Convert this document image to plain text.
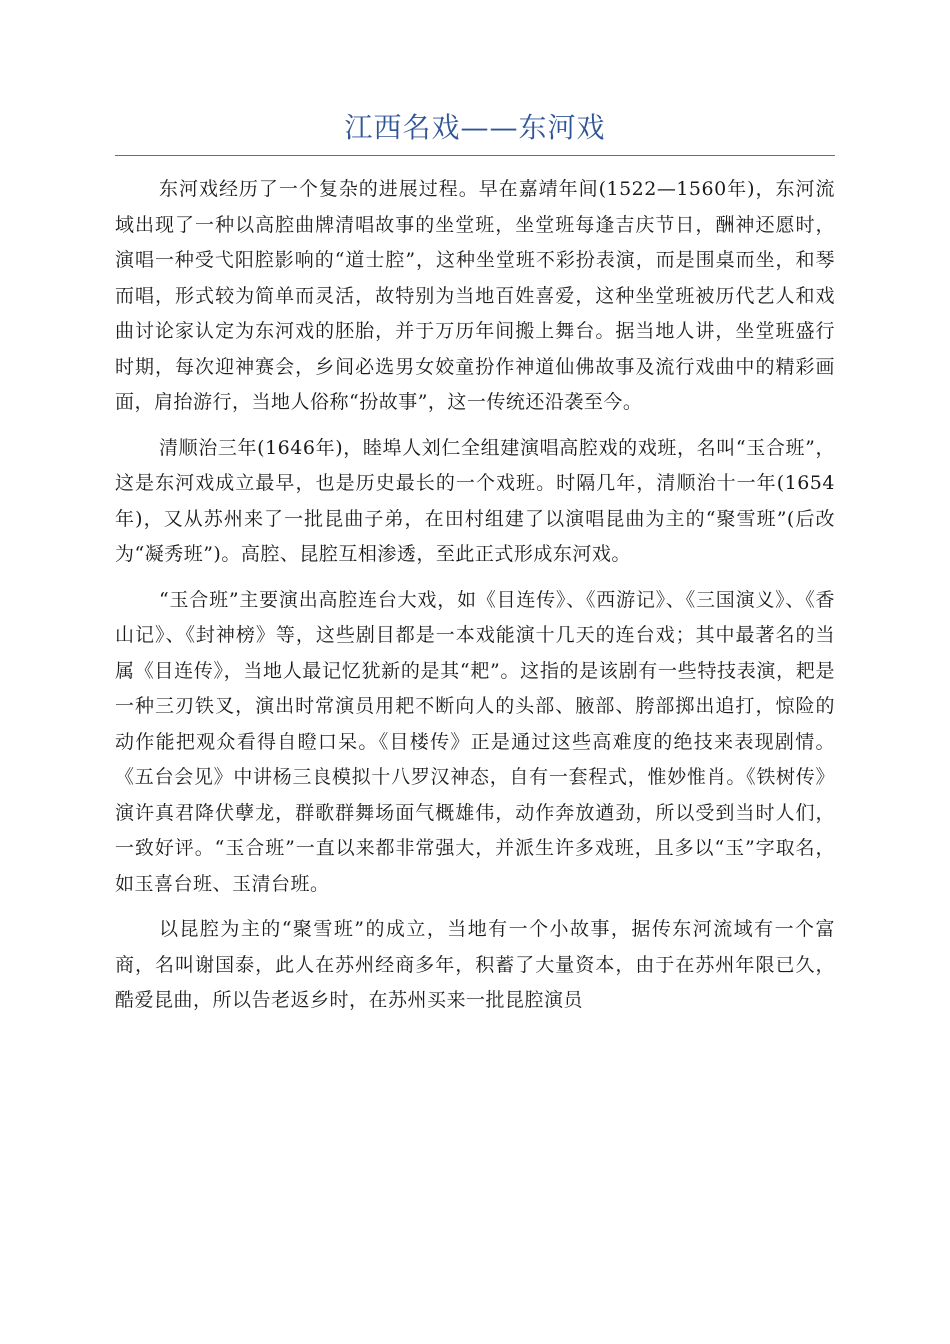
江西名戏——东河戏

东河戏经历了一个复杂的进展过程。早在嘉靖年间(1522—1560年)，东河流域出现了一种以高腔曲牌清唱故事的坐堂班，坐堂班每逢吉庆节日，酬神还愿时，演唱一种受弋阳腔影响的“道士腔”，这种坐堂班不彩扮表演，而是围桌而坐，和琴而唱，形式较为简单而灵活，故特别为当地百姓喜爱，这种坐堂班被历代艺人和戏曲讨论家认定为东河戏的胚胎，并于万历年间搬上舞台。据当地人讲，坐堂班盛行时期，每次迎神赛会，乡间必选男女姣童扮作神道仙佛故事及流行戏曲中的精彩画面，肩抬游行，当地人俗称“扮故事”，这一传统还沿袭至今。

清顺治三年(1646年)，睦埠人刘仁全组建演唱高腔戏的戏班，名叫“玉合班”，这是东河戏成立最早，也是历史最长的一个戏班。时隔几年，清顺治十一年(1654年)，又从苏州来了一批昆曲子弟，在田村组建了以演唱昆曲为主的“聚雪班”(后改为“凝秀班”)。高腔、昆腔互相渗透，至此正式形成东河戏。

“玉合班”主要演出高腔连台大戏，如《目连传》、《西游记》、《三国演义》、《香山记》、《封神榜》等，这些剧目都是一本戏能演十几天的连台戏；其中最著名的当属《目连传》，当地人最记忆犹新的是其“耙”。这指的是该剧有一些特技表演，耙是一种三刃铁叉，演出时常演员用耙不断向人的头部、腋部、胯部掷出追打，惊险的动作能把观众看得自瞪口呆。《目楼传》正是通过这些高难度的绝技来表现剧情。《五台会见》中讲杨三良模拟十八罗汉神态，自有一套程式，惟妙惟肖。《铁树传》演许真君降伏孽龙，群歌群舞场面气概雄伟，动作奔放遒劲，所以受到当时人们，一致好评。“玉合班”一直以来都非常强大，并派生许多戏班，且多以“玉”字取名，如玉喜台班、玉清台班。

以昆腔为主的“聚雪班”的成立，当地有一个小故事，据传东河流域有一个富商，名叫谢国泰，此人在苏州经商多年，积蓄了大量资本，由于在苏州年限已久，酷爱昆曲，所以告老返乡时，在苏州买来一批昆腔演员
